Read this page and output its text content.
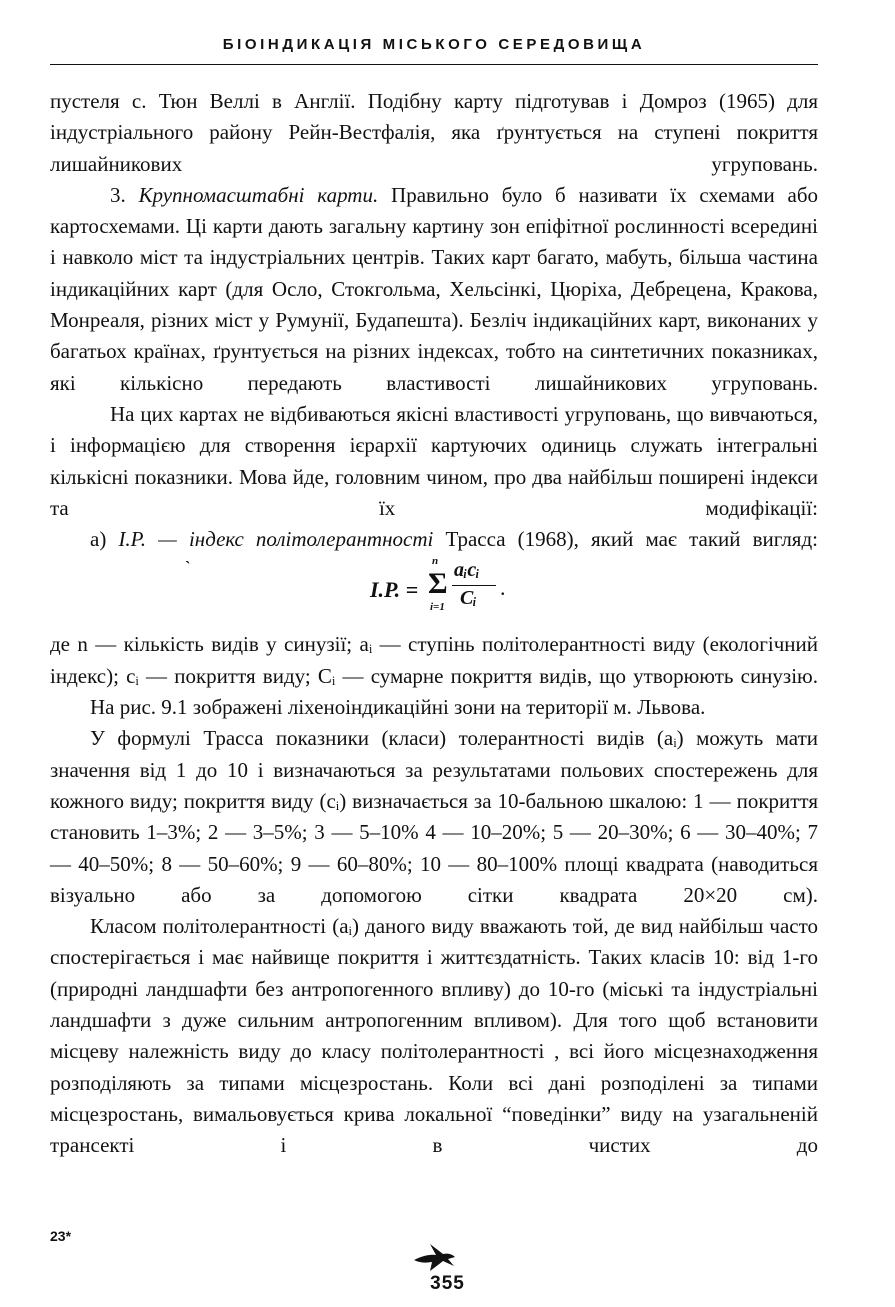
БІОІНДИКАЦІЯ МІСЬКОГО СЕРЕДОВИЩА

пустеля с. Тюн Веллі в Англії. Подібну карту підготував і Домроз (1965) для індустріального району Рейн-Вестфалія, яка ґрунтується на ступені покриття лишайникових угруповань.

3. Крупномасштабні карти. Правильно було б називати їх схемами або картосхемами. Ці карти дають загальну картину зон епіфітної рослинності всередині і навколо міст та індустріальних центрів. Таких карт багато, мабуть, більша частина індикаційних карт (для Осло, Стокгольма, Хельсінкі, Цюріха, Дебрецена, Кракова, Монреаля, різних міст у Румунії, Будапешта). Безліч індикаційних карт, виконаних у багатьох країнах, ґрунтується на різних індексах, тобто на синтетичних показниках, які кількісно передають властивості лишайникових угруповань.

На цих картах не відбиваються якісні властивості угруповань, що вивчаються, і інформацією для створення ієрархії картуючих одиниць служать інтегральні кількісні показники. Мова йде, головним чином, про два найбільш поширені індекси та їх модифікації:

а) I.P. — індекс політолерантності Трасса (1968), який має такий вигляд:

ˎ
I.P. =
n
Σ
i=1
aᵢcᵢ
Cᵢ .

де n — кількість видів у синузії; aᵢ — ступінь політолерантності виду (екологічний індекс); cᵢ — покриття виду; Cᵢ — сумарне покриття видів, що утворюють синузію.

На рис. 9.1 зображені ліхеноіндикаційні зони на території м. Львова.

У формулі Трасса показники (класи) толерантності видів (aᵢ) можуть мати значення від 1 до 10 і визначаються за результатами польових спостережень для кожного виду; покриття виду (cᵢ) визначається за 10-бальною шкалою: 1 — покриття становить 1–3%; 2 — 3–5%; 3 — 5–10% 4 — 10–20%; 5 — 20–30%; 6 — 30–40%; 7 — 40–50%; 8 — 50–60%; 9 — 60–80%; 10 — 80–100% площі квадрата (наводиться візуально або за допомогою сітки квадрата 20×20 см).

Класом політолерантності (aᵢ) даного виду вважають той, де вид найбільш часто спостерігається і має найвище покриття і життєздатність. Таких класів 10: від 1-го (природні ландшафти без антропогенного впливу) до 10-го (міські та індустріальні ландшафти з дуже сильним антропогенним впливом). Для того щоб встановити місцеву належність виду до класу політолерантності , всі його місцезнаходження розподіляють за типами місцезростань. Коли всі дані розподілені за типами місцезростань, вимальовується крива локальної “поведінки” виду на узагальненій трансекті і в чистих до

23*
355
